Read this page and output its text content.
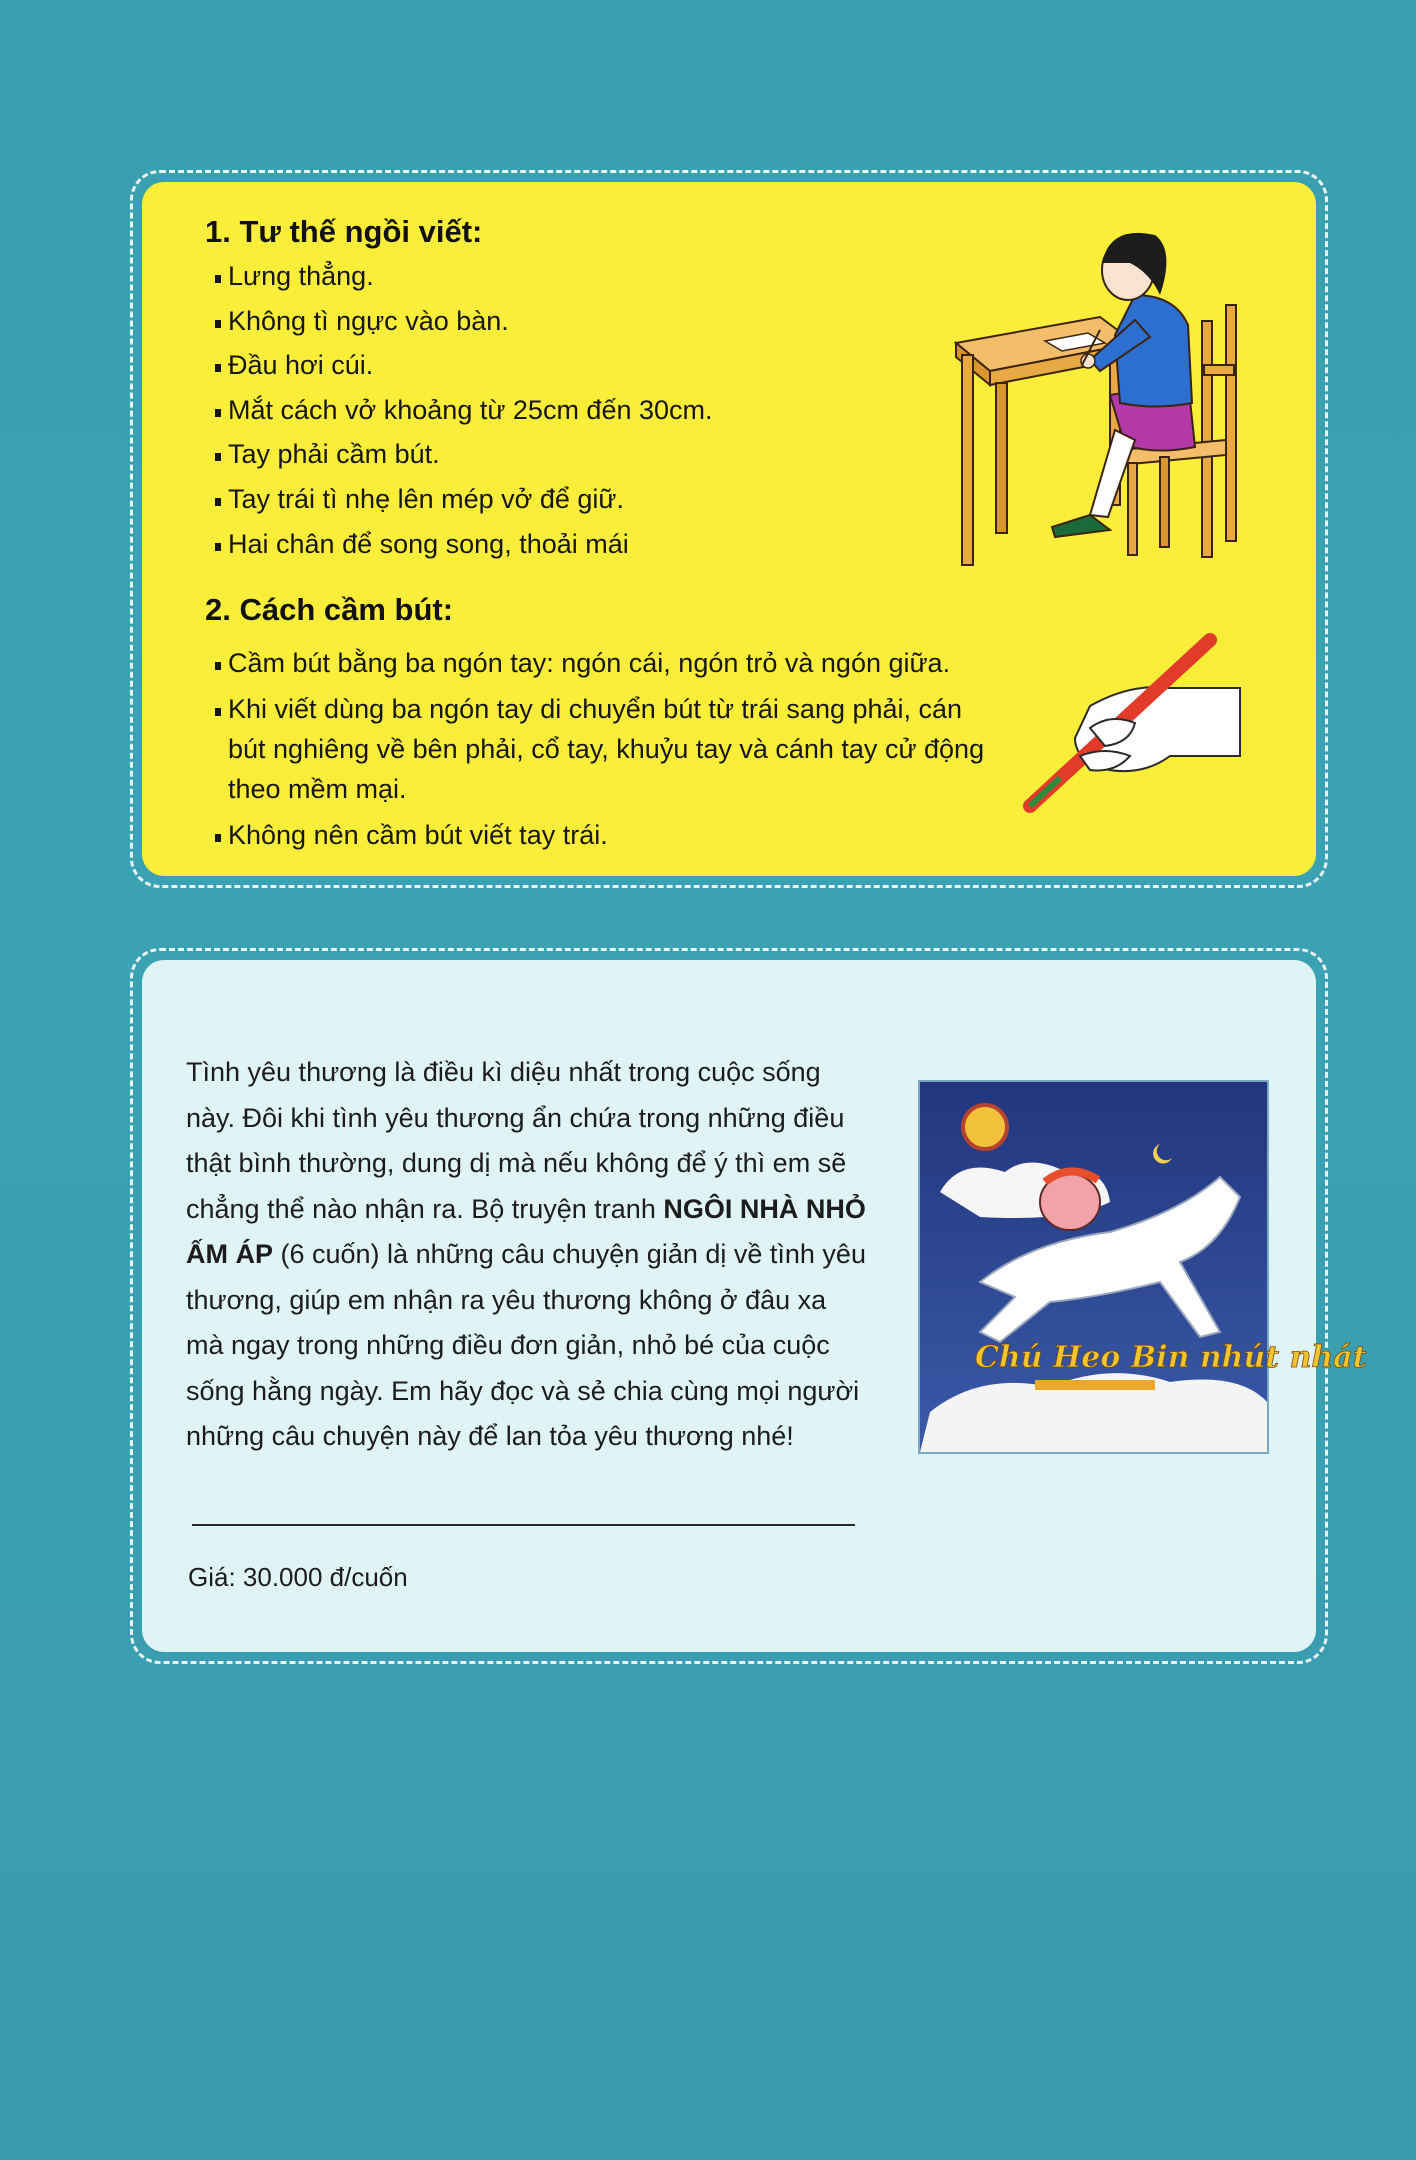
1. Tư thế ngồi viết:
Lưng thẳng.
Không tì ngực vào bàn.
Đầu hơi cúi.
Mắt cách vở khoảng từ 25cm đến 30cm.
Tay phải cầm bút.
Tay trái tì nhẹ lên mép vở để giữ.
Hai chân để song song, thoải mái
2. Cách cầm bút:
Cầm bút bằng ba ngón tay: ngón cái, ngón trỏ và ngón giữa.
Khi viết dùng ba ngón tay di chuyển bút từ trái sang phải, cán bút nghiêng về bên phải, cổ tay, khuỷu tay và cánh tay cử động theo mềm mại.
Không nên cầm bút viết tay trái.

Tình yêu thương là điều kì diệu nhất trong cuộc sống này. Đôi khi tình yêu thương ẩn chứa trong những điều thật bình thường, dung dị mà nếu không để ý thì em sẽ chẳng thể nào nhận ra. Bộ truyện tranh NGÔI NHÀ NHỎ ẤM ÁP (6 cuốn) là những câu chuyện giản dị về tình yêu thương, giúp em nhận ra yêu thương không ở đâu xa mà ngay trong những điều đơn giản, nhỏ bé của cuộc sống hằng ngày. Em hãy đọc và sẻ chia cùng mọi người những câu chuyện này để lan tỏa yêu thương nhé!

Giá: 30.000 đ/cuốn
Chú Heo Bin nhút nhát
